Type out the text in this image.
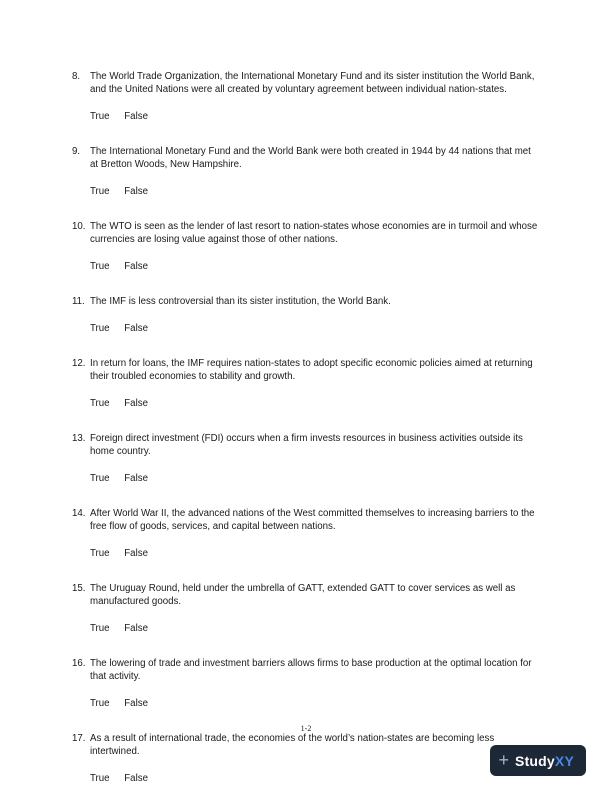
8.	The World Trade Organization, the International Monetary Fund and its sister institution the World Bank, and the United Nations were all created by voluntary agreement between individual nation-states.
True False
9.	The International Monetary Fund and the World Bank were both created in 1944 by 44 nations that met at Bretton Woods, New Hampshire.
True False
10. The WTO is seen as the lender of last resort to nation-states whose economies are in turmoil and whose currencies are losing value against those of other nations.
True False
11. The IMF is less controversial than its sister institution, the World Bank.
True False
12. In return for loans, the IMF requires nation-states to adopt specific economic policies aimed at returning their troubled economies to stability and growth.
True False
13. Foreign direct investment (FDI) occurs when a firm invests resources in business activities outside its home country.
True False
14. After World War II, the advanced nations of the West committed themselves to increasing barriers to the free flow of goods, services, and capital between nations.
True False
15. The Uruguay Round, held under the umbrella of GATT, extended GATT to cover services as well as manufactured goods.
True False
16. The lowering of trade and investment barriers allows firms to base production at the optimal location for that activity.
True False
17. As a result of international trade, the economies of the world’s nation-states are becoming less intertwined.
True False
1-2
+ StudyXY
